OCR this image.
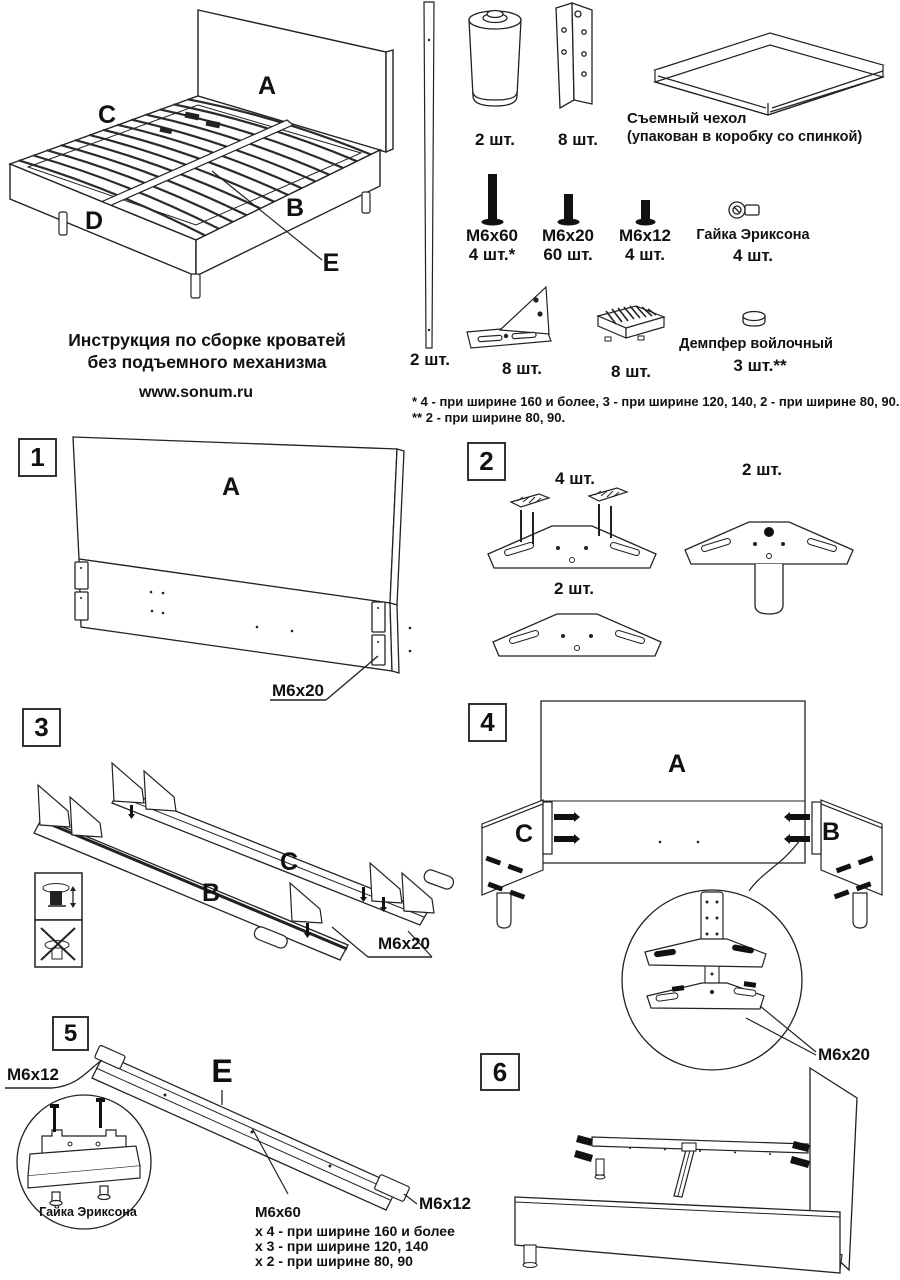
A
C
D	B
E
Инструкция по сборке кроватей
без подъемного механизма
www.sonum.ru
2 шт.
2 шт.	8 шт.
Съемный чехол
(упакован в коробку со спинкой)
M6x60
4 шт.*
M6x20
60 шт.
M6x12
4 шт.
Гайка Эриксона
4 шт.
8 шт.	8 шт.
Демпфер войлочный
3 шт.**
* 4 - при ширине 160 и более, 3 - при ширине 120, 140, 2 - при ширине 80, 90.
** 2 - при ширине 80, 90.
1
A
M6x20
2
4 шт.	2 шт.
2 шт.
3
B
C
M6x20
4
A
C	B
M6x20
5
E
M6x12
Гайка Эриксона	M6x60
x 4 - при ширине 160 и более
x 3 - при ширине 120, 140
x 2 - при ширине 80, 90
M6x12
6
